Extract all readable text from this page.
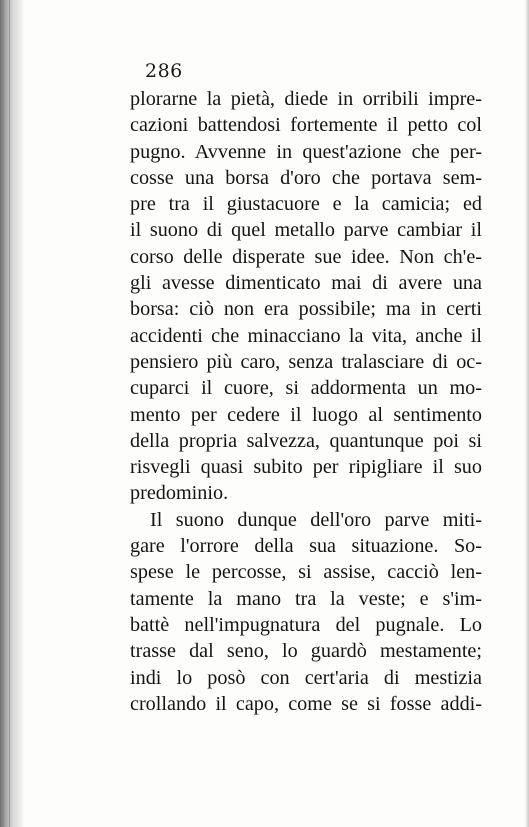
286
plorarne la pietà, diede in orribili impre-
cazioni battendosi fortemente il petto col
pugno. Avvenne in quest'azione che per-
cosse una borsa d'oro che portava sem-
pre tra il giustacuore e la camicia; ed
il suono di quel metallo parve cambiar il
corso delle disperate sue idee. Non ch'e-
gli avesse dimenticato mai di avere una
borsa: ciò non era possibile; ma in certi
accidenti che minacciano la vita, anche il
pensiero più caro, senza tralasciare di oc-
cuparci il cuore, si addormenta un mo-
mento per cedere il luogo al sentimento
della propria salvezza, quantunque poi si
risvegli quasi subito per ripigliare il suo
predominio.
Il suono dunque dell'oro parve miti-
gare l'orrore della sua situazione. So-
spese le percosse, si assise, cacciò len-
tamente la mano tra la veste; e s'im-
battè nell'impugnatura del pugnale. Lo
trasse dal seno, lo guardò mestamente;
indi lo posò con cert'aria di mestizia
crollando il capo, come se si fosse addi-
